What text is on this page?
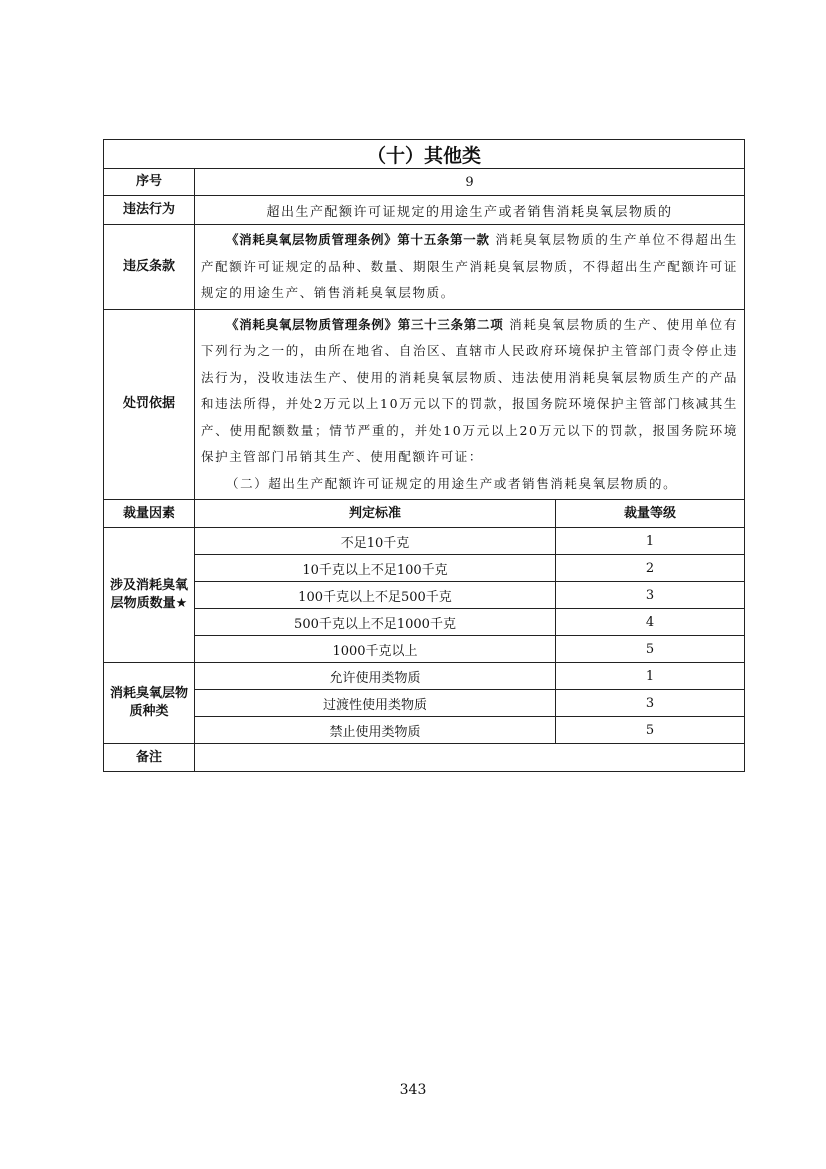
（十）其他类		
序号	9	
违法行为	超出生产配额许可证规定的用途生产或者销售消耗臭氧层物质的	
违反条款	《消耗臭氧层物质管理条例》第十五条第一款 消耗臭氧层物质的生产单位不得超出生产配额许可证规定的品种、数量、期限生产消耗臭氧层物质，不得超出生产配额许可证规定的用途生产、销售消耗臭氧层物质。	

处罚依据	《消耗臭氧层物质管理条例》第三十三条第二项 消耗臭氧层物质的生产、使用单位有下列行为之一的，由所在地省、自治区、直辖市人民政府环境保护主管部门责令停止违法行为，没收违法生产、使用的消耗臭氧层物质、违法使用消耗臭氧层物质生产的产品和违法所得，并处2万元以上10万元以下的罚款，报国务院环境保护主管部门核减其生产、使用配额数量；情节严重的，并处10万元以上20万元以下的罚款，报国务院环境保护主管部门吊销其生产、使用配额许可证：
（二）超出生产配额许可证规定的用途生产或者销售消耗臭氧层物质的。	

裁量因素	判定标准	裁量等级
涉及消耗臭氧层物质数量★	不足10千克	1
	10千克以上不足100千克	2
	100千克以上不足500千克	3
	500千克以上不足1000千克	4
	1000千克以上	5
消耗臭氧层物质种类	允许使用类物质	1
	过渡性使用类物质	3
	禁止使用类物质	5
备注		
343
